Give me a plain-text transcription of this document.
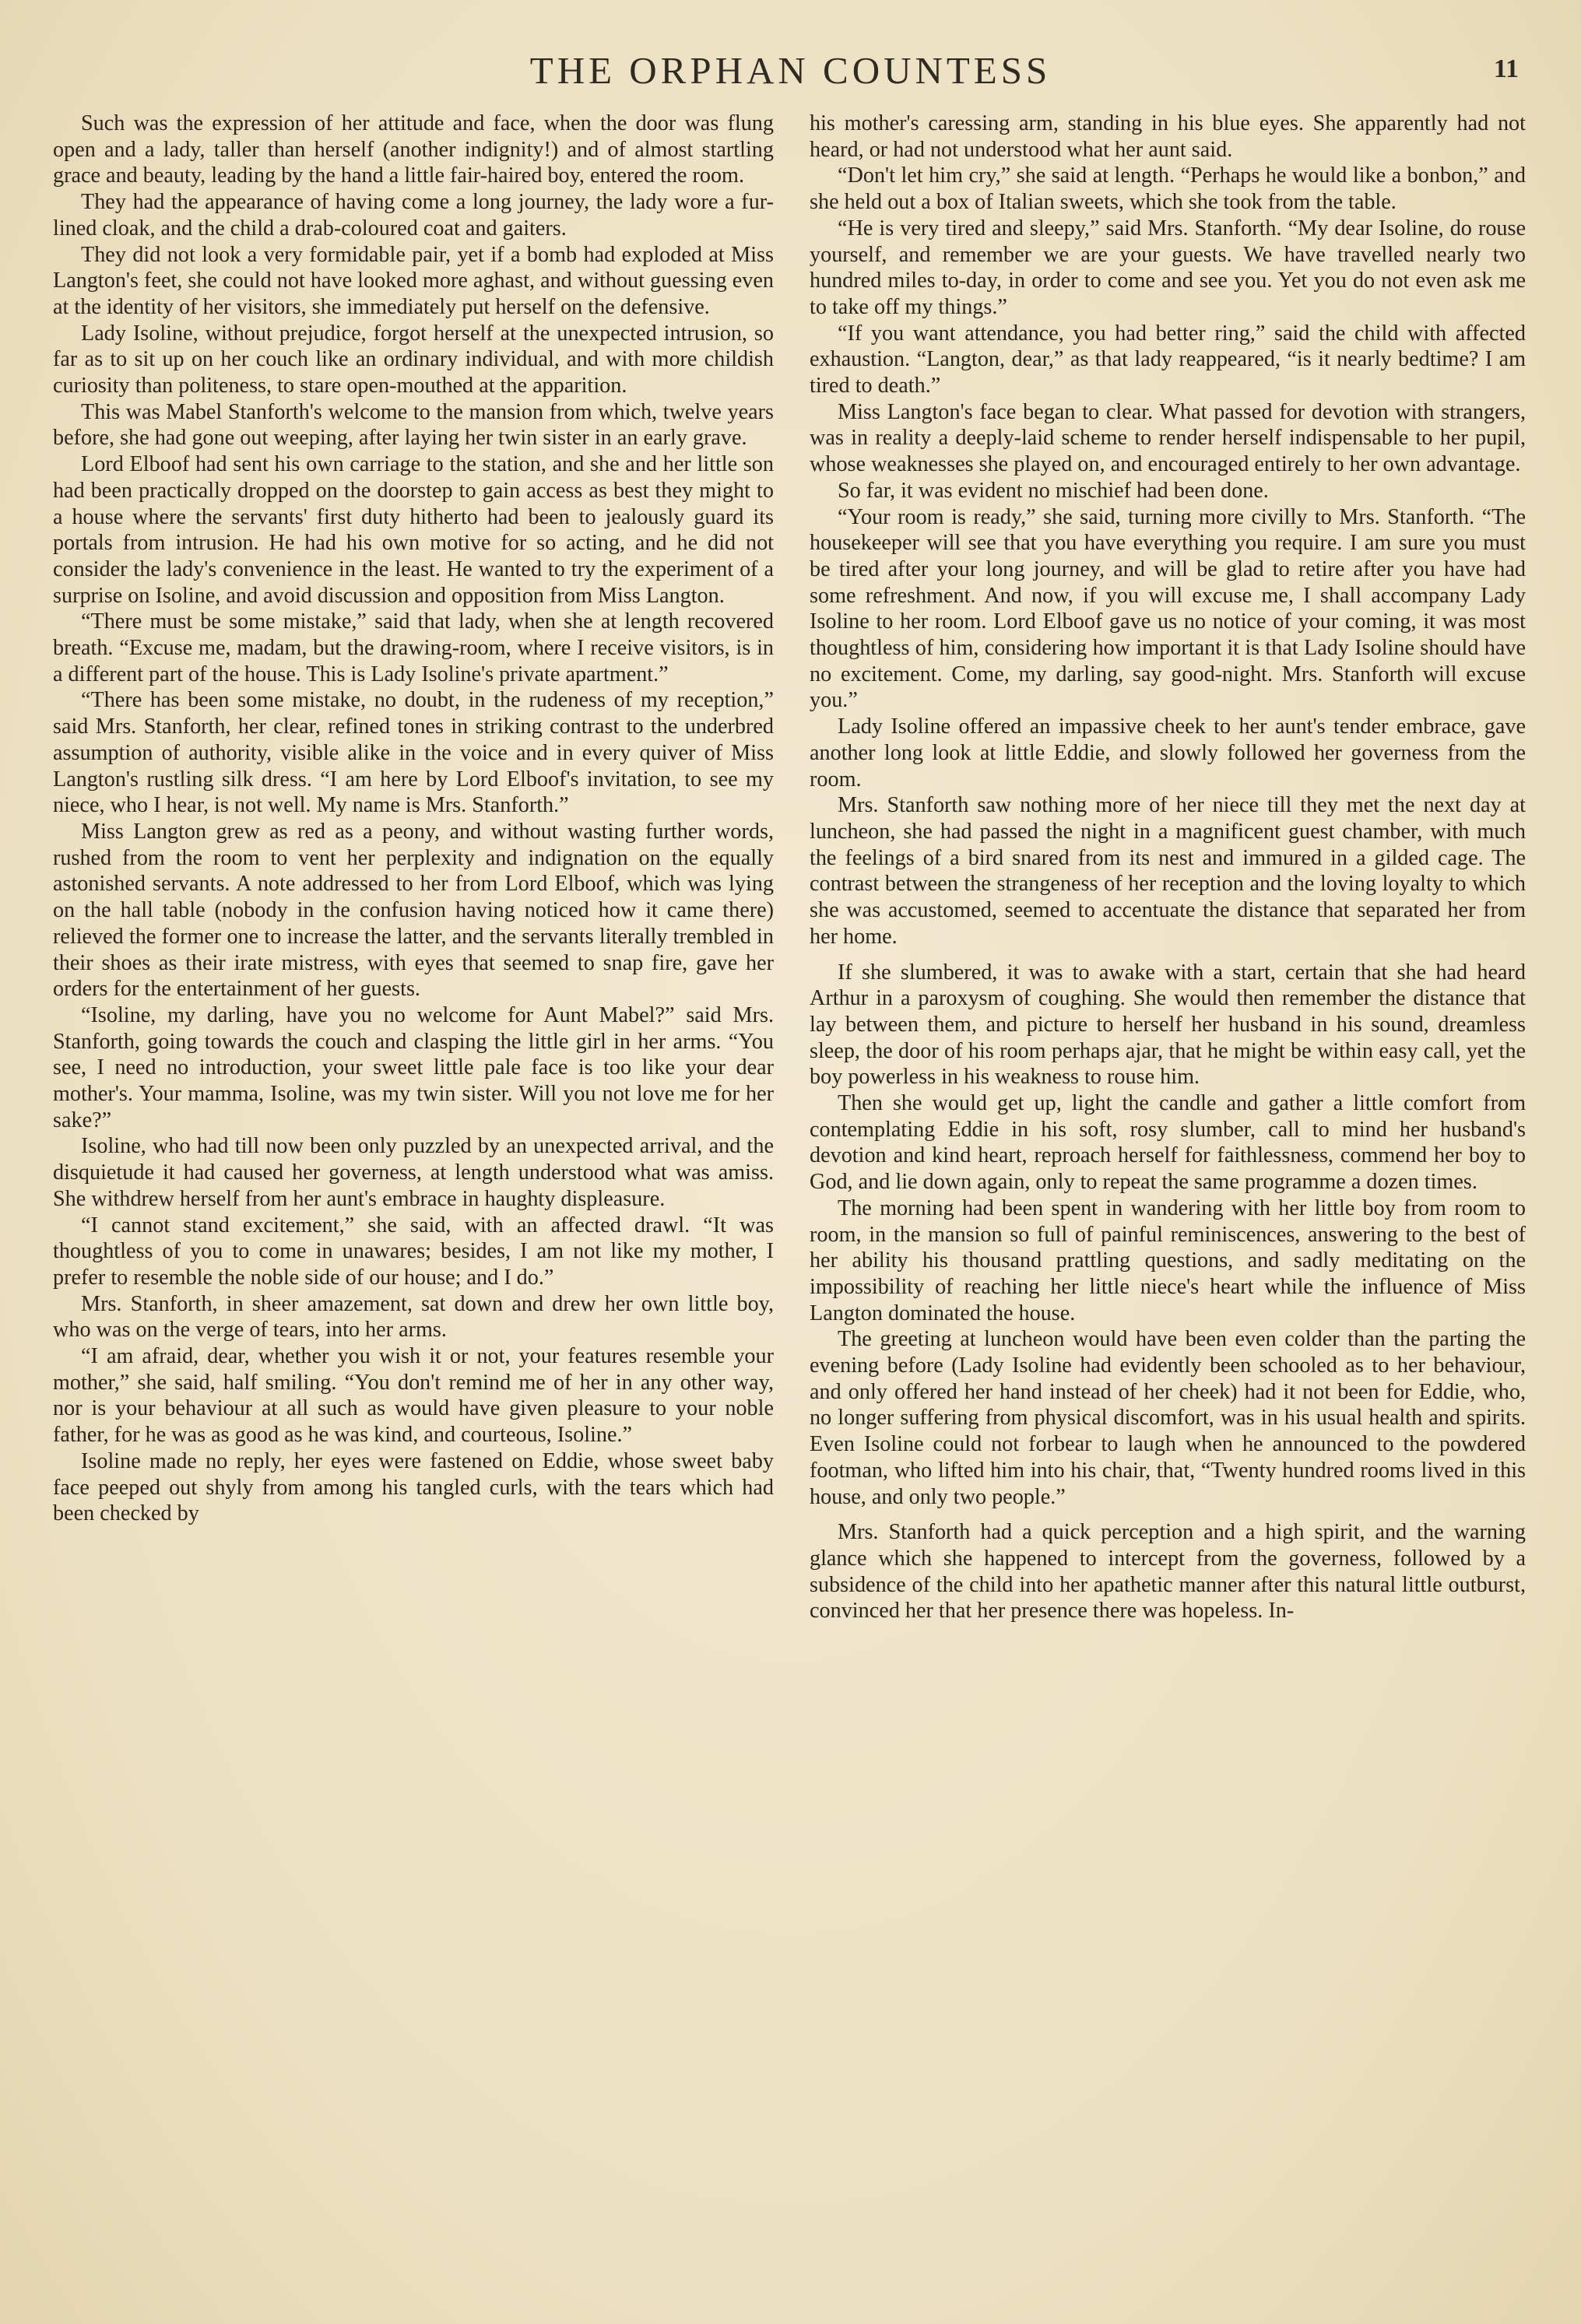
THE ORPHAN COUNTESS	11

Such was the expression of her attitude and face, when the door was flung open and a lady, taller than herself (another indignity!) and of almost startling grace and beauty, leading by the hand a little fair-haired boy, entered the room.

They had the appearance of having come a long journey, the lady wore a fur-lined cloak, and the child a drab-coloured coat and gaiters.

They did not look a very formidable pair, yet if a bomb had exploded at Miss Langton's feet, she could not have looked more aghast, and without guessing even at the identity of her visitors, she immediately put herself on the defensive.

Lady Isoline, without prejudice, forgot herself at the unexpected intrusion, so far as to sit up on her couch like an ordinary individual, and with more childish curiosity than politeness, to stare open-mouthed at the apparition.

This was Mabel Stanforth's welcome to the mansion from which, twelve years before, she had gone out weeping, after laying her twin sister in an early grave.

Lord Elboof had sent his own carriage to the station, and she and her little son had been practically dropped on the doorstep to gain access as best they might to a house where the servants' first duty hitherto had been to jealously guard its portals from intrusion. He had his own motive for so acting, and he did not consider the lady's convenience in the least. He wanted to try the experiment of a surprise on Isoline, and avoid discussion and opposition from Miss Langton.

“There must be some mistake,” said that lady, when she at length recovered breath. “Excuse me, madam, but the drawing-room, where I receive visitors, is in a different part of the house. This is Lady Isoline's private apartment.”

“There has been some mistake, no doubt, in the rudeness of my reception,” said Mrs. Stanforth, her clear, refined tones in striking contrast to the underbred assumption of authority, visible alike in the voice and in every quiver of Miss Langton's rustling silk dress. “I am here by Lord Elboof's invitation, to see my niece, who I hear, is not well. My name is Mrs. Stanforth.”

Miss Langton grew as red as a peony, and without wasting further words, rushed from the room to vent her perplexity and indignation on the equally astonished servants. A note addressed to her from Lord Elboof, which was lying on the hall table (nobody in the confusion having noticed how it came there) relieved the former one to increase the latter, and the servants literally trembled in their shoes as their irate mistress, with eyes that seemed to snap fire, gave her orders for the entertainment of her guests.

“Isoline, my darling, have you no welcome for Aunt Mabel?” said Mrs. Stanforth, going towards the couch and clasping the little girl in her arms. “You see, I need no introduction, your sweet little pale face is too like your dear mother's. Your mamma, Isoline, was my twin sister. Will you not love me for her sake?”

Isoline, who had till now been only puzzled by an unexpected arrival, and the disquietude it had caused her governess, at length understood what was amiss. She withdrew herself from her aunt's embrace in haughty displeasure.

“I cannot stand excitement,” she said, with an affected drawl. “It was thoughtless of you to come in unawares; besides, I am not like my mother, I prefer to resemble the noble side of our house; and I do.”

Mrs. Stanforth, in sheer amazement, sat down and drew her own little boy, who was on the verge of tears, into her arms.

“I am afraid, dear, whether you wish it or not, your features resemble your mother,” she said, half smiling. “You don't remind me of her in any other way, nor is your behaviour at all such as would have given pleasure to your noble father, for he was as good as he was kind, and courteous, Isoline.”

Isoline made no reply, her eyes were fastened on Eddie, whose sweet baby face peeped out shyly from among his tangled curls, with the tears which had been checked by

his mother's caressing arm, standing in his blue eyes. She apparently had not heard, or had not understood what her aunt said.

“Don't let him cry,” she said at length. “Perhaps he would like a bonbon,” and she held out a box of Italian sweets, which she took from the table.

“He is very tired and sleepy,” said Mrs. Stanforth. “My dear Isoline, do rouse yourself, and remember we are your guests. We have travelled nearly two hundred miles to-day, in order to come and see you. Yet you do not even ask me to take off my things.”

“If you want attendance, you had better ring,” said the child with affected exhaustion. “Langton, dear,” as that lady reappeared, “is it nearly bedtime? I am tired to death.”

Miss Langton's face began to clear. What passed for devotion with strangers, was in reality a deeply-laid scheme to render herself indispensable to her pupil, whose weaknesses she played on, and encouraged entirely to her own advantage.

So far, it was evident no mischief had been done.

“Your room is ready,” she said, turning more civilly to Mrs. Stanforth. “The housekeeper will see that you have everything you require. I am sure you must be tired after your long journey, and will be glad to retire after you have had some refreshment. And now, if you will excuse me, I shall accompany Lady Isoline to her room. Lord Elboof gave us no notice of your coming, it was most thoughtless of him, considering how important it is that Lady Isoline should have no excitement. Come, my darling, say good-night. Mrs. Stanforth will excuse you.”

Lady Isoline offered an impassive cheek to her aunt's tender embrace, gave another long look at little Eddie, and slowly followed her governess from the room.

Mrs. Stanforth saw nothing more of her niece till they met the next day at luncheon, she had passed the night in a magnificent guest chamber, with much the feelings of a bird snared from its nest and immured in a gilded cage. The contrast between the strangeness of her reception and the loving loyalty to which she was accustomed, seemed to accentuate the distance that separated her from her home.

If she slumbered, it was to awake with a start, certain that she had heard Arthur in a paroxysm of coughing. She would then remember the distance that lay between them, and picture to herself her husband in his sound, dreamless sleep, the door of his room perhaps ajar, that he might be within easy call, yet the boy powerless in his weakness to rouse him.

Then she would get up, light the candle and gather a little comfort from contemplating Eddie in his soft, rosy slumber, call to mind her husband's devotion and kind heart, reproach herself for faithlessness, commend her boy to God, and lie down again, only to repeat the same programme a dozen times.

The morning had been spent in wandering with her little boy from room to room, in the mansion so full of painful reminiscences, answering to the best of her ability his thousand prattling questions, and sadly meditating on the impossibility of reaching her little niece's heart while the influence of Miss Langton dominated the house.

The greeting at luncheon would have been even colder than the parting the evening before (Lady Isoline had evidently been schooled as to her behaviour, and only offered her hand instead of her cheek) had it not been for Eddie, who, no longer suffering from physical discomfort, was in his usual health and spirits. Even Isoline could not forbear to laugh when he announced to the powdered footman, who lifted him into his chair, that, “Twenty hundred rooms lived in this house, and only two people.”

Mrs. Stanforth had a quick perception and a high spirit, and the warning glance which she happened to intercept from the governess, followed by a subsidence of the child into her apathetic manner after this natural little outburst, convinced her that her presence there was hopeless. In-
